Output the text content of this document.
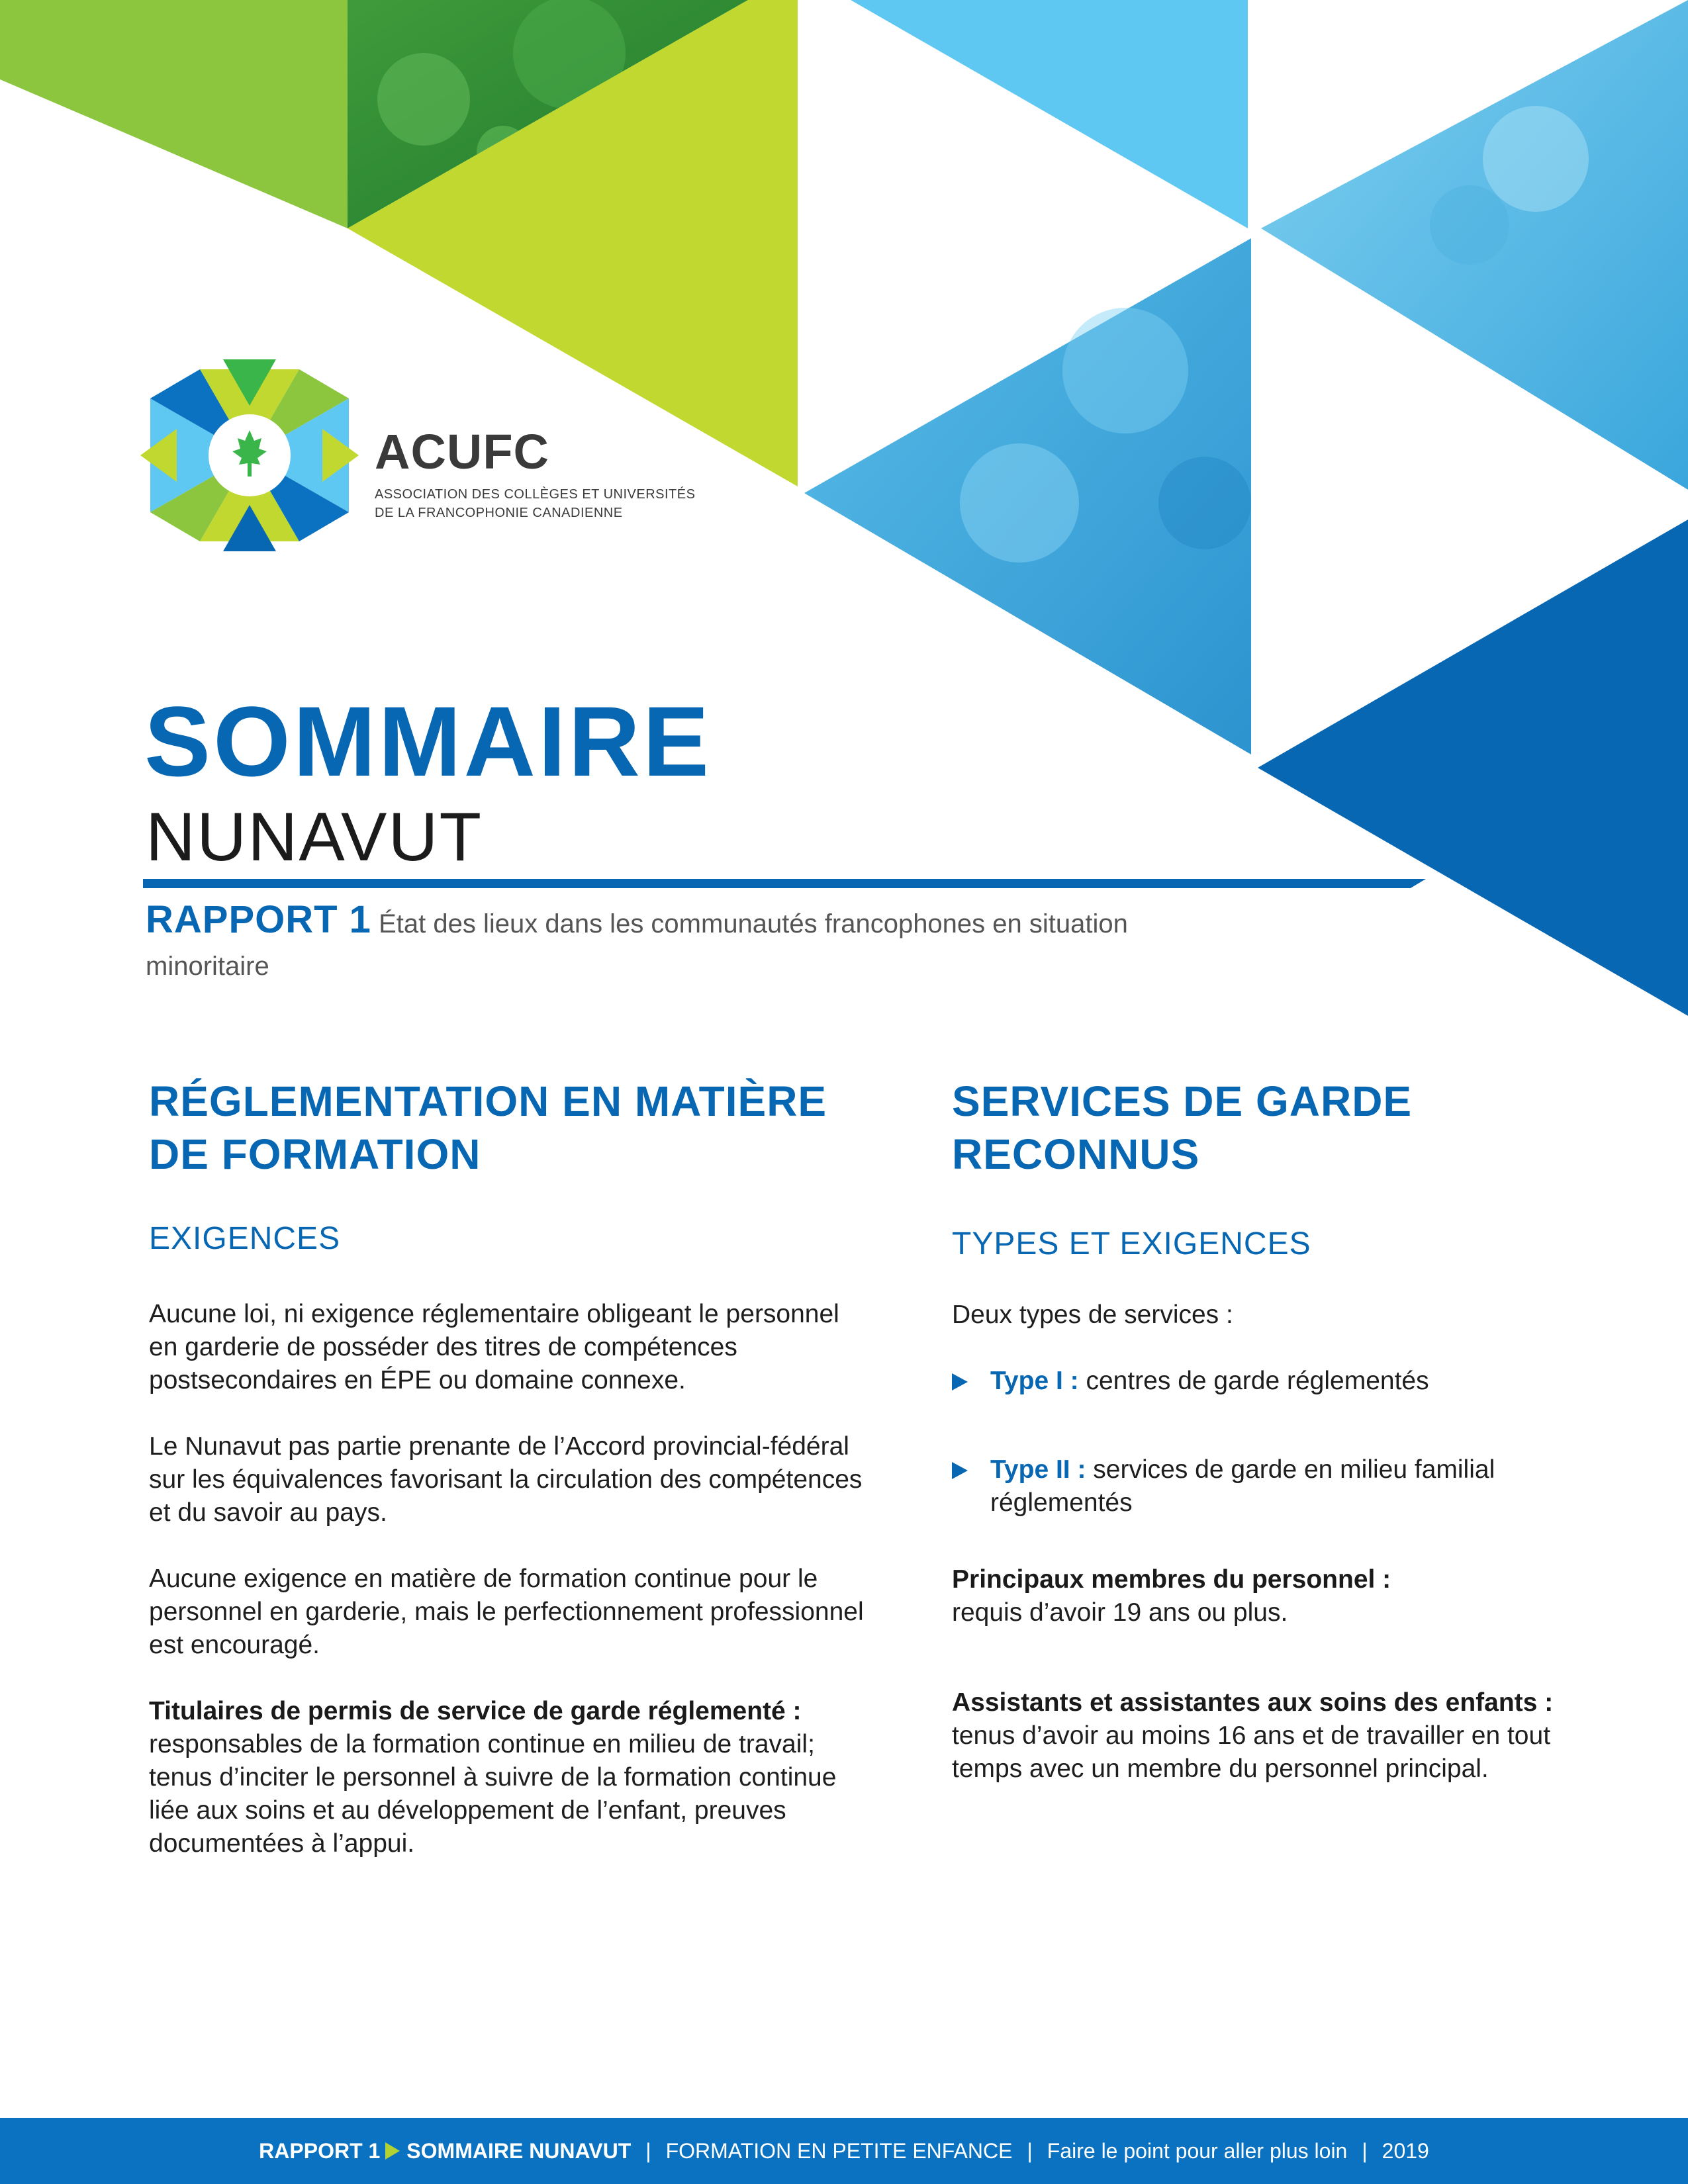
ACUFC
ASSOCIATION DES COLLÈGES ET UNIVERSITÉS
DE LA FRANCOPHONIE CANADIENNE
SOMMAIRE
NUNAVUT
RAPPORT 1 État des lieux dans les communautés francophones en situation minoritaire
RÉGLEMENTATION EN MATIÈRE DE FORMATION
EXIGENCES

Aucune loi, ni exigence réglementaire obligeant le personnel en garderie de posséder des titres de compétences postsecondaires en ÉPE ou domaine connexe.

Le Nunavut pas partie prenante de l’Accord provincial-fédéral sur les équivalences favorisant la circulation des compétences et du savoir au pays.

Aucune exigence en matière de formation continue pour le personnel en garderie, mais le perfectionnement professionnel est encouragé.

Titulaires de permis de service de garde réglementé : responsables de la formation continue en milieu de travail; tenus d’inciter le personnel à suivre de la formation continue liée aux soins et au développement de l’enfant, preuves documentées à l’appui.

SERVICES DE GARDE RECONNUS
TYPES ET EXIGENCES

Deux types de services :

Type I : centres de garde réglementés
Type II : services de garde en milieu familial réglementés

Principaux membres du personnel :
requis d’avoir 19 ans ou plus.

Assistants et assistantes aux soins des enfants : tenus d’avoir au moins 16 ans et de travailler en tout temps avec un membre du personnel principal.

RAPPORT 1 SOMMAIRE NUNAVUT | FORMATION EN PETITE ENFANCE | Faire le point pour aller plus loin | 2019
